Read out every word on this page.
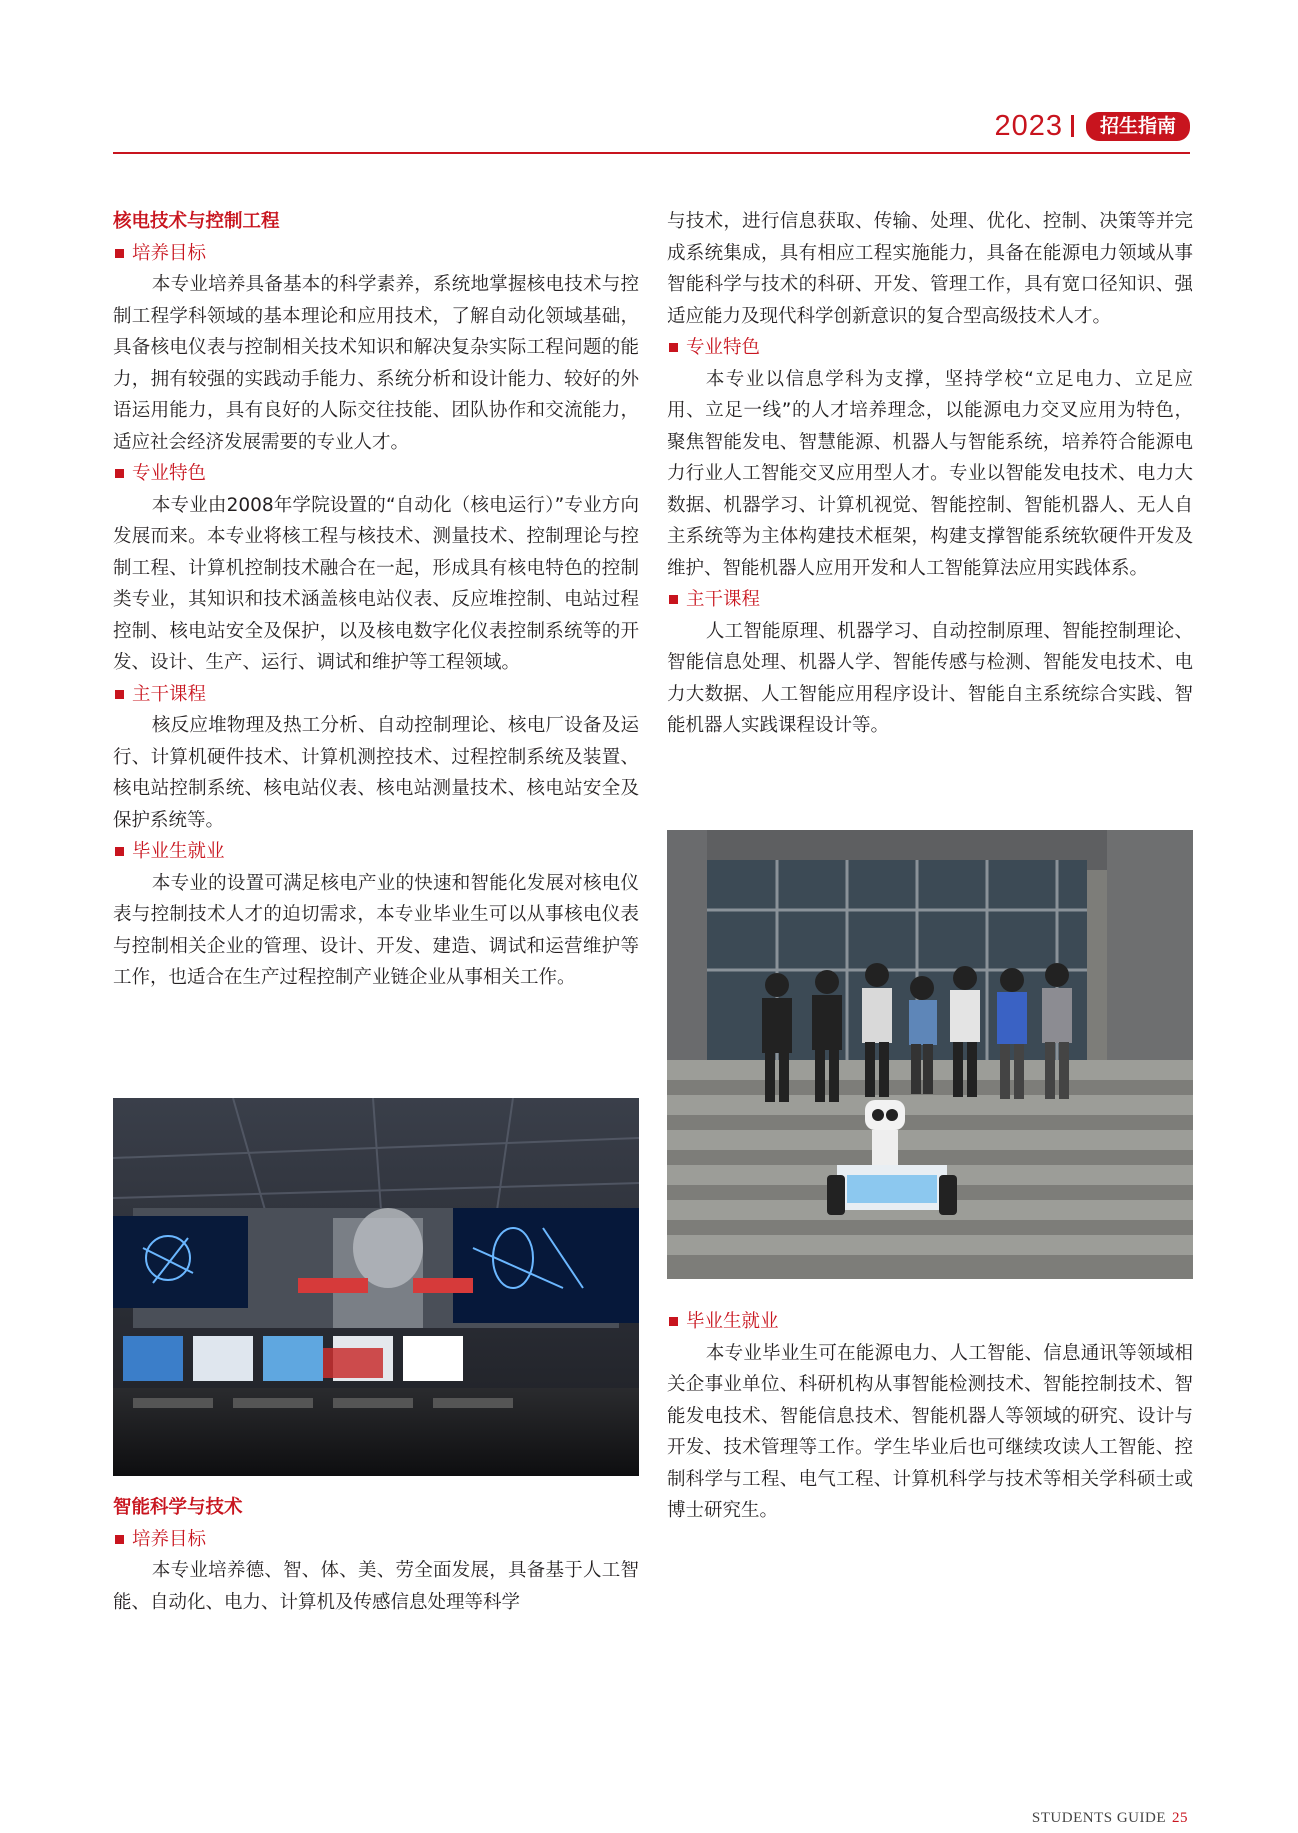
2023	招生指南

核电技术与控制工程

培养目标

本专业培养具备基本的科学素养，系统地掌握核电技术与控制工程学科领域的基本理论和应用技术，了解自动化领域基础，具备核电仪表与控制相关技术知识和解决复杂实际工程问题的能力，拥有较强的实践动手能力、系统分析和设计能力、较好的外语运用能力，具有良好的人际交往技能、团队协作和交流能力，适应社会经济发展需要的专业人才。

专业特色

本专业由2008年学院设置的“自动化（核电运行）”专业方向发展而来。本专业将核工程与核技术、测量技术、控制理论与控制工程、计算机控制技术融合在一起，形成具有核电特色的控制类专业，其知识和技术涵盖核电站仪表、反应堆控制、电站过程控制、核电站安全及保护，以及核电数字化仪表控制系统等的开发、设计、生产、运行、调试和维护等工程领域。

主干课程

核反应堆物理及热工分析、自动控制理论、核电厂设备及运行、计算机硬件技术、计算机测控技术、过程控制系统及装置、核电站控制系统、核电站仪表、核电站测量技术、核电站安全及保护系统等。

毕业生就业

本专业的设置可满足核电产业的快速和智能化发展对核电仪表与控制技术人才的迫切需求，本专业毕业生可以从事核电仪表与控制相关企业的管理、设计、开发、建造、调试和运营维护等工作，也适合在生产过程控制产业链企业从事相关工作。

智能科学与技术

培养目标

本专业培养德、智、体、美、劳全面发展，具备基于人工智能、自动化、电力、计算机及传感信息处理等科学

与技术，进行信息获取、传输、处理、优化、控制、决策等并完成系统集成，具有相应工程实施能力，具备在能源电力领域从事智能科学与技术的科研、开发、管理工作，具有宽口径知识、强适应能力及现代科学创新意识的复合型高级技术人才。

专业特色

本专业以信息学科为支撑，坚持学校“立足电力、立足应用、立足一线”的人才培养理念，以能源电力交叉应用为特色，聚焦智能发电、智慧能源、机器人与智能系统，培养符合能源电力行业人工智能交叉应用型人才。专业以智能发电技术、电力大数据、机器学习、计算机视觉、智能控制、智能机器人、无人自主系统等为主体构建技术框架，构建支撑智能系统软硬件开发及维护、智能机器人应用开发和人工智能算法应用实践体系。

主干课程

人工智能原理、机器学习、自动控制原理、智能控制理论、智能信息处理、机器人学、智能传感与检测、智能发电技术、电力大数据、人工智能应用程序设计、智能自主系统综合实践、智能机器人实践课程设计等。

毕业生就业

本专业毕业生可在能源电力、人工智能、信息通讯等领域相关企事业单位、科研机构从事智能检测技术、智能控制技术、智能发电技术、智能信息技术、智能机器人等领域的研究、设计与开发、技术管理等工作。学生毕业后也可继续攻读人工智能、控制科学与工程、电气工程、计算机科学与技术等相关学科硕士或博士研究生。

STUDENTS GUIDE 25
